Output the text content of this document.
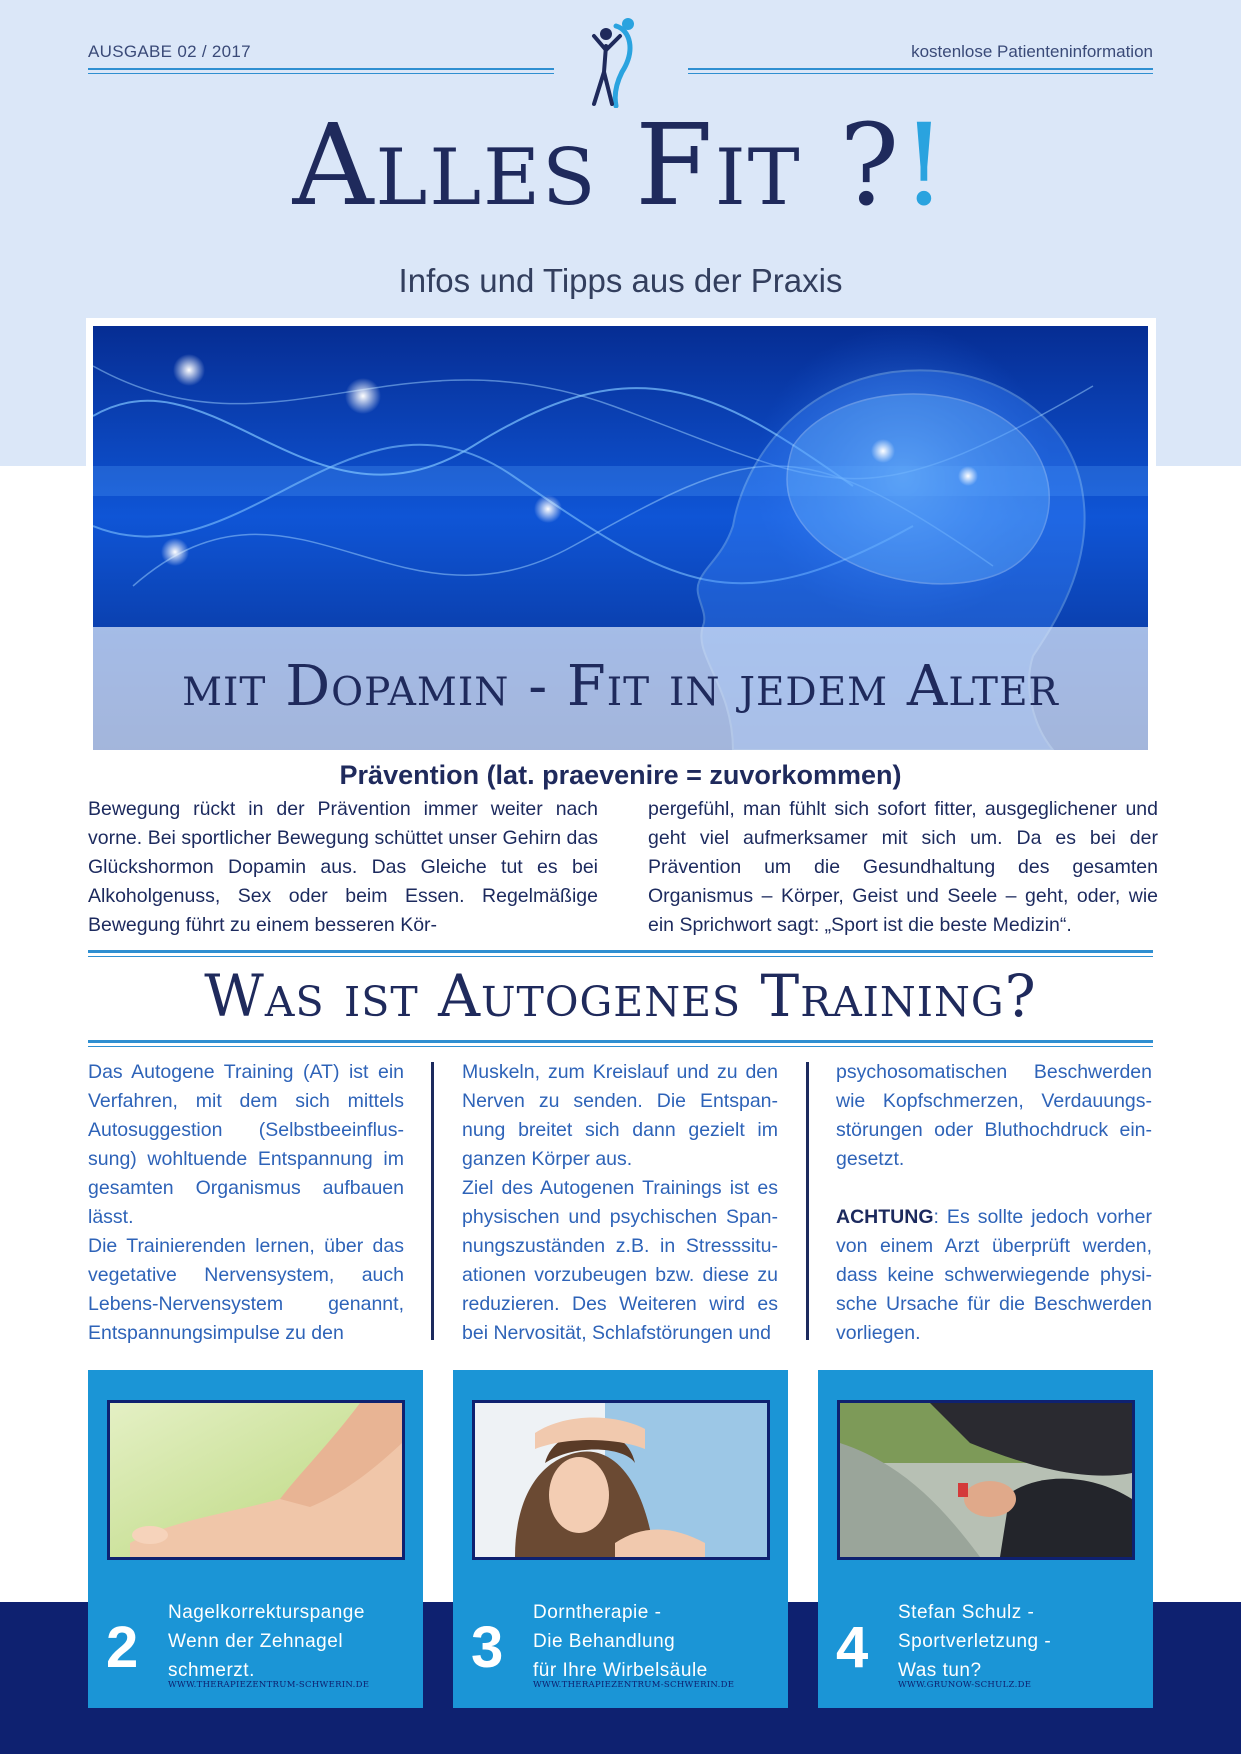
AUSGABE 02 / 2017	kostenlose Patienteninformation
Alles Fit ?!
Infos und Tipps aus der Praxis
mit Dopamin - Fit in jedem Alter
Prävention (lat. praevenire = zuvorkommen)

Bewegung rückt in der Prävention immer weiter nach vorne. Bei sportlicher Bewegung schüttet unser Gehirn das Glückshormon Dopamin aus. Das Gleiche tut es bei Alkoholgenuss, Sex oder beim Essen. Regelmäßige Bewegung führt zu einem besseren Kör-

pergefühl, man fühlt sich sofort fitter, ausgeglichener und geht viel aufmerksamer mit sich um. Da es bei der Prävention um die Gesundhaltung des gesamten Organismus – Körper, Geist und Seele – geht, oder, wie ein Sprichwort sagt: „Sport ist die beste Medizin“.

Was ist Autogenes Training?

Das Autogene Training (AT) ist ein Verfahren, mit dem sich mittels Autosuggestion (Selbstbeeinflus-sung) wohltuende Entspannung im gesamten Organismus aufbauen lässt.

Die Trainierenden lernen, über das vegetative Nervensystem, auch Lebens-Nervensystem genannt, Entspannungsimpulse zu den

Muskeln, zum Kreislauf und zu den Nerven zu senden. Die Entspan-nung breitet sich dann gezielt im ganzen Körper aus.

Ziel des Autogenen Trainings ist es physischen und psychischen Span-nungszuständen z.B. in Stresssitu-ationen vorzubeugen bzw. diese zu reduzieren. Des Weiteren wird es bei Nervosität, Schlafstörungen und

psychosomatischen Beschwerden wie Kopfschmerzen, Verdauungs-störungen oder Bluthochdruck ein-gesetzt.

ACHTUNG: Es sollte jedoch vorher von einem Arzt überprüft werden, dass keine schwerwiegende physi-sche Ursache für die Beschwerden vorliegen.

2
Nagelkorrekturspange
Wenn der Zehnagel
schmerzt.
WWW.THERAPIEZENTRUM-SCHWERIN.DE
3
Dorntherapie -
Die Behandlung
für Ihre Wirbelsäule
WWW.THERAPIEZENTRUM-SCHWERIN.DE
4
Stefan Schulz -
Sportverletzung -
Was tun?
WWW.GRUNOW-SCHULZ.DE
